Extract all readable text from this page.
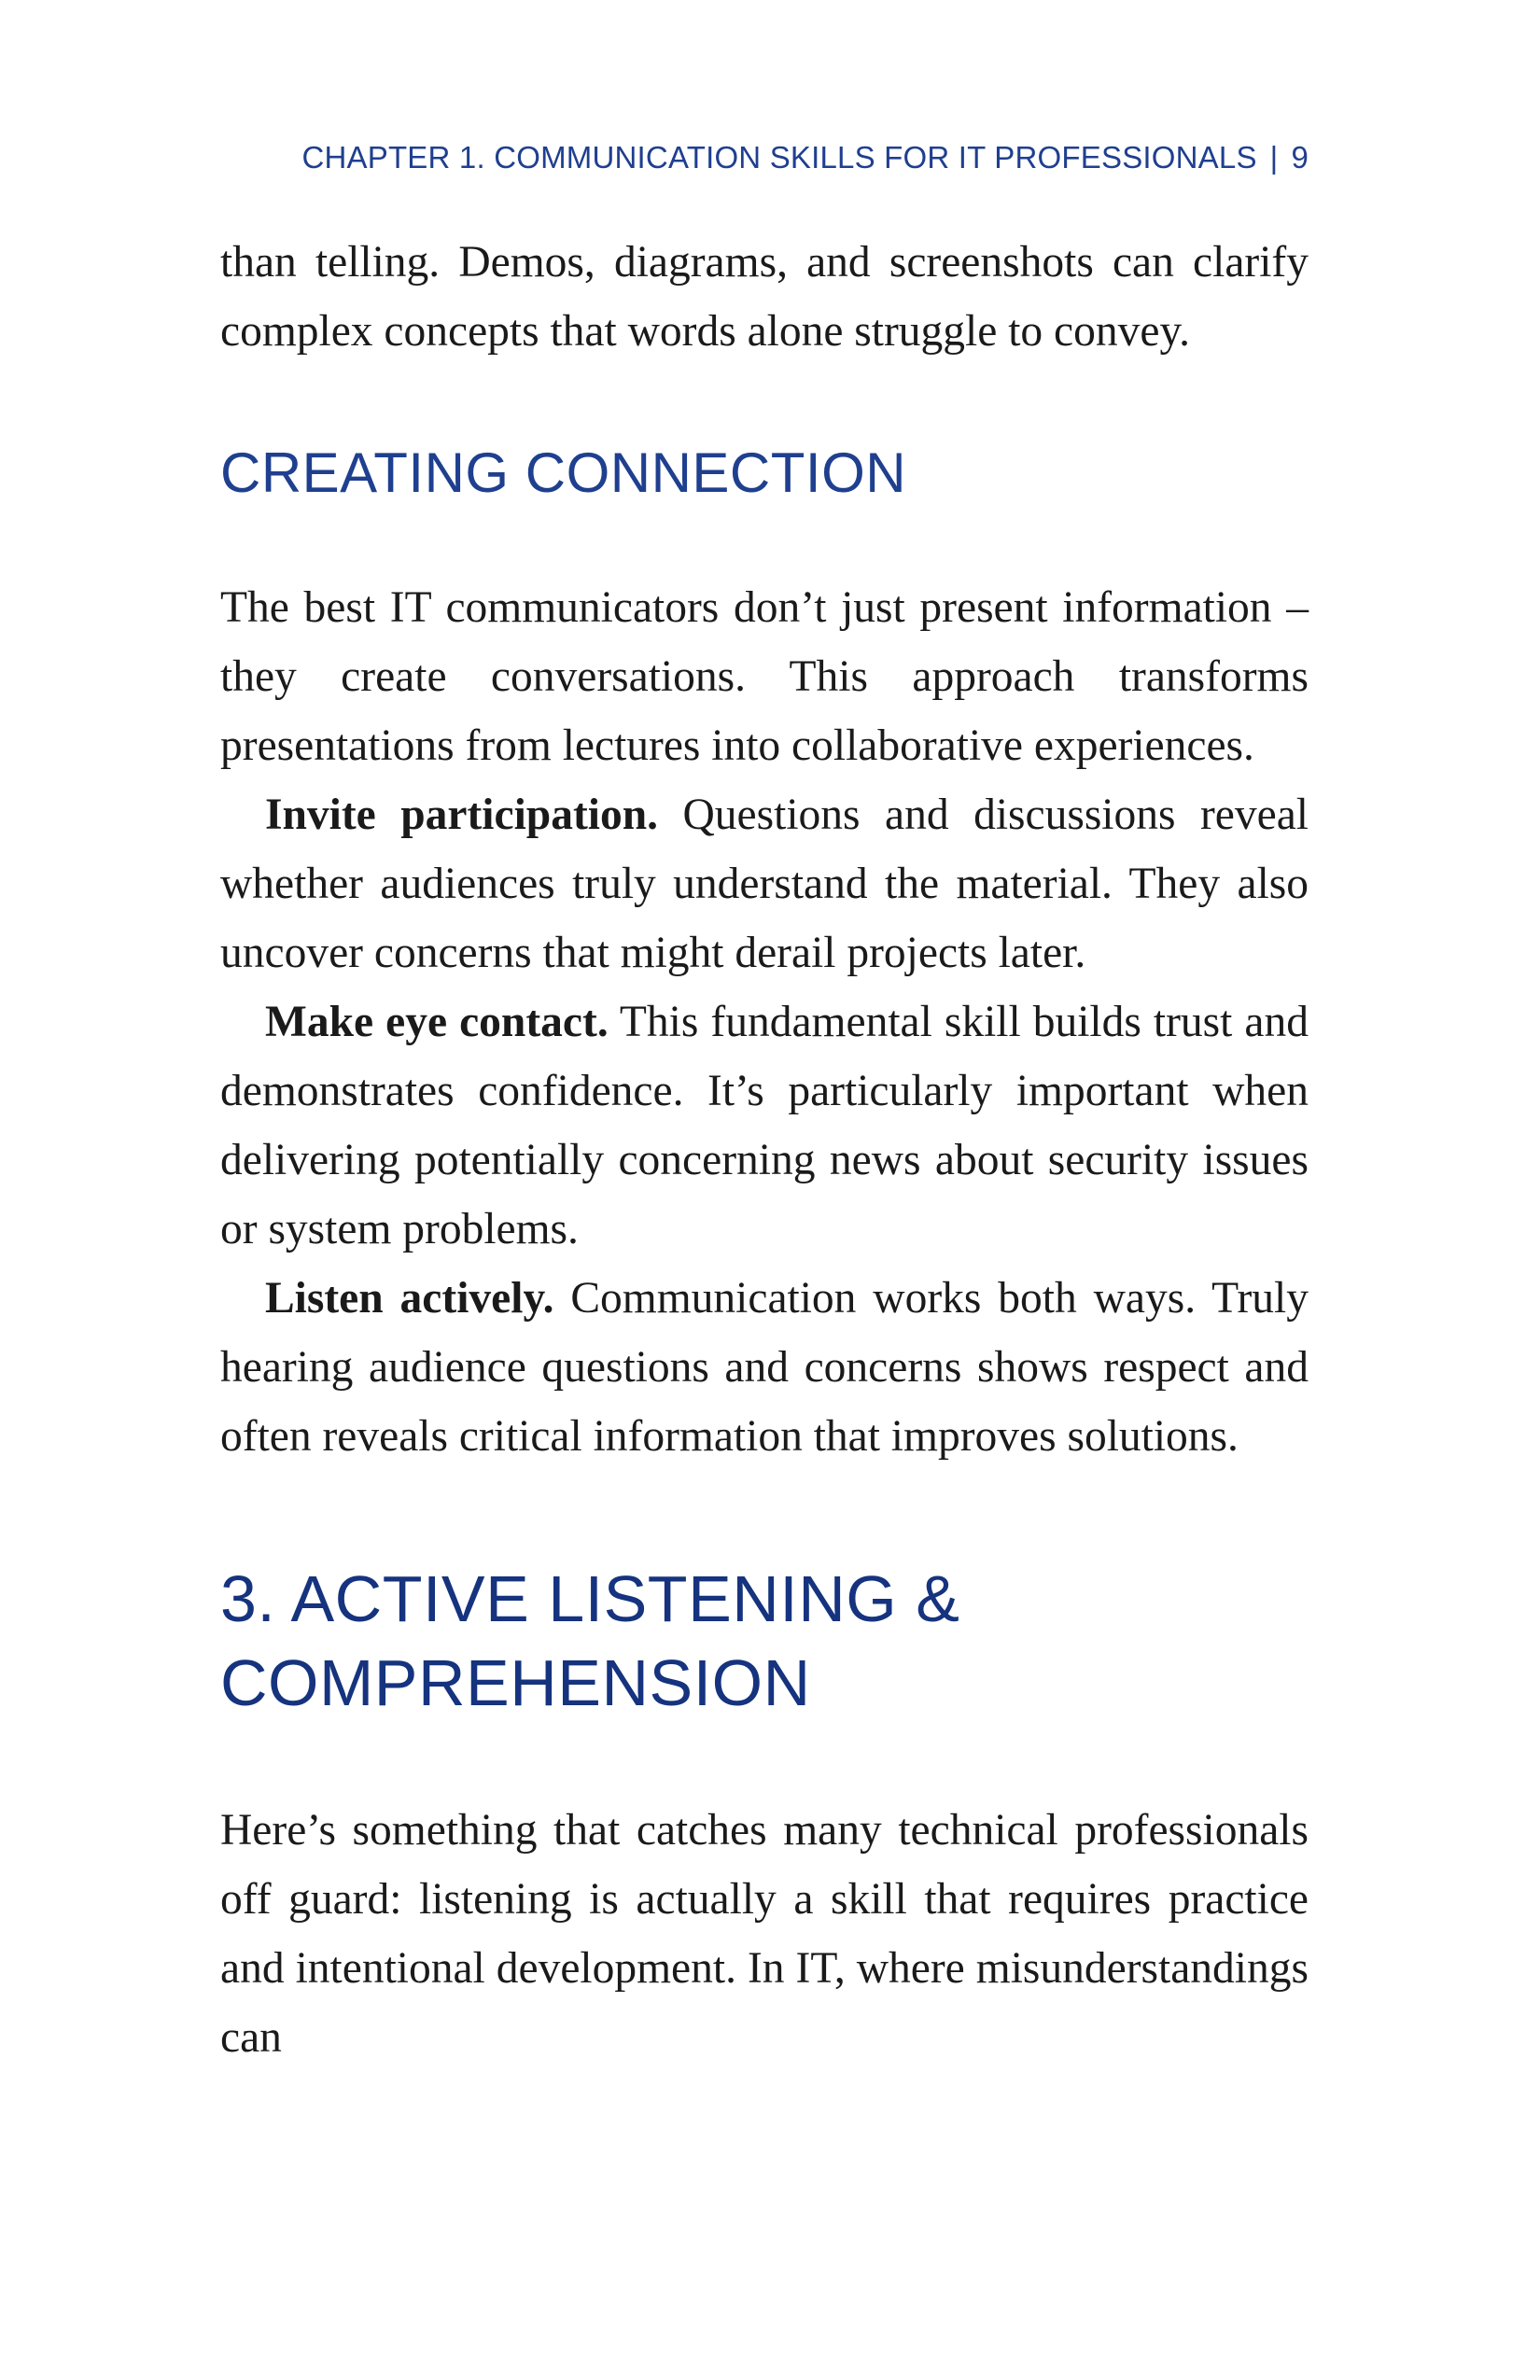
CHAPTER 1. COMMUNICATION SKILLS FOR IT PROFESSIONALS | 9

than telling. Demos, diagrams, and screenshots can clarify complex concepts that words alone struggle to convey.

CREATING CONNECTION

The best IT communicators don’t just present information – they create conversations. This approach transforms presentations from lectures into collaborative experiences.

Invite participation. Questions and discussions reveal whether audiences truly understand the material. They also uncover concerns that might derail projects later.

Make eye contact. This fundamental skill builds trust and demonstrates confidence. It’s particularly important when delivering potentially concerning news about security issues or system problems.

Listen actively. Communication works both ways. Truly hearing audience questions and concerns shows respect and often reveals critical information that improves solutions.

3. ACTIVE LISTENING &
COMPREHENSION

Here’s something that catches many technical professionals off guard: listening is actually a skill that requires practice and intentional development. In IT, where misunderstandings can
